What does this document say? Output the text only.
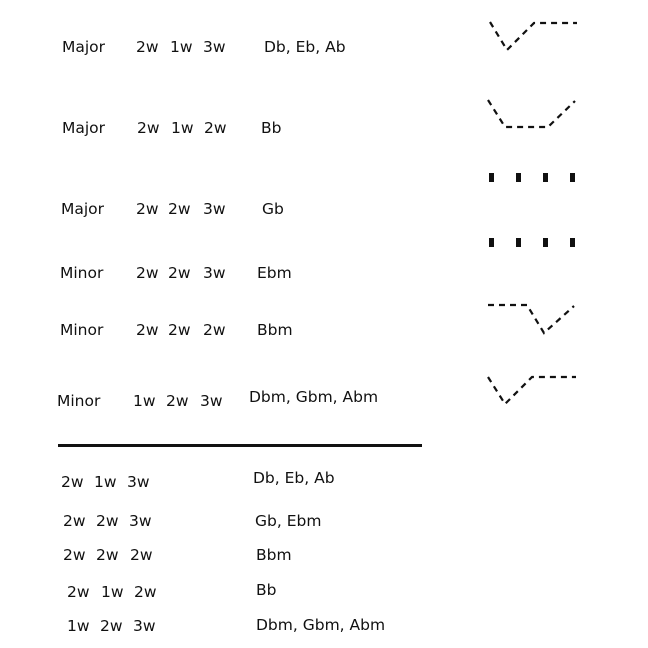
Major 2w 1w 3w Db, Eb, Ab
Major 2w 1w 2w Bb
Major 2w 2w 3w Gb
Minor 2w 2w 3w Ebm
Minor 2w 2w 2w Bbm
Minor 1w 2w 3w Dbm, Gbm, Abm
2w 1w 3w	Db, Eb, Ab
2w 2w 3w	Gb, Ebm
2w 2w 2w	Bbm
2w 1w 2w	Bb
1w 2w 3w	Dbm, Gbm, Abm
